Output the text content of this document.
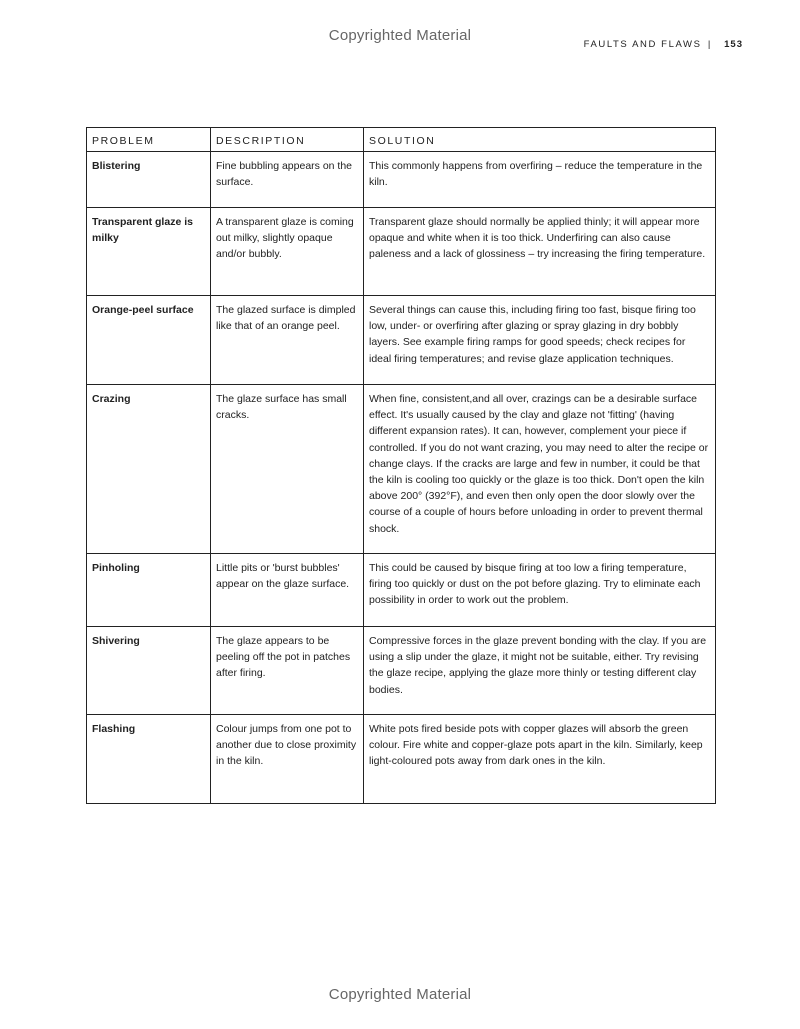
Copyrighted Material
FAULTS AND FLAWS | 153
PROBLEM	DESCRIPTION	SOLUTION
Blistering	Fine bubbling appears on the surface.	This commonly happens from overfiring – reduce the temperature in the kiln.
Transparent glaze is milky	A transparent glaze is coming out milky, slightly opaque and/or bubbly.	Transparent glaze should normally be applied thinly; it will appear more opaque and white when it is too thick. Underfiring can also cause paleness and a lack of glossiness – try increasing the firing temperature.
Orange-peel surface	The glazed surface is dimpled like that of an orange peel.	Several things can cause this, including firing too fast, bisque firing too low, under- or overfiring after glazing or spray glazing in dry bobbly layers. See example firing ramps for good speeds; check recipes for ideal firing temperatures; and revise glaze application techniques.
Crazing	The glaze surface has small cracks.	When fine, consistent,and all over, crazings can be a desirable surface effect. It's usually caused by the clay and glaze not 'fitting' (having different expansion rates). It can, however, complement your piece if controlled. If you do not want crazing, you may need to alter the recipe or change clays. If the cracks are large and few in number, it could be that the kiln is cooling too quickly or the glaze is too thick. Don't open the kiln above 200° (392°F), and even then only open the door slowly over the course of a couple of hours before unloading in order to prevent thermal shock.
Pinholing	Little pits or 'burst bubbles' appear on the glaze surface.	This could be caused by bisque firing at too low a firing temperature, firing too quickly or dust on the pot before glazing. Try to eliminate each possibility in order to work out the problem.
Shivering	The glaze appears to be peeling off the pot in patches after firing.	Compressive forces in the glaze prevent bonding with the clay. If you are using a slip under the glaze, it might not be suitable, either. Try revising the glaze recipe, applying the glaze more thinly or testing different clay bodies.
Flashing	Colour jumps from one pot to another due to close proximity in the kiln.	White pots fired beside pots with copper glazes will absorb the green colour. Fire white and copper-glaze pots apart in the kiln. Similarly, keep light-coloured pots away from dark ones in the kiln.
Copyrighted Material
